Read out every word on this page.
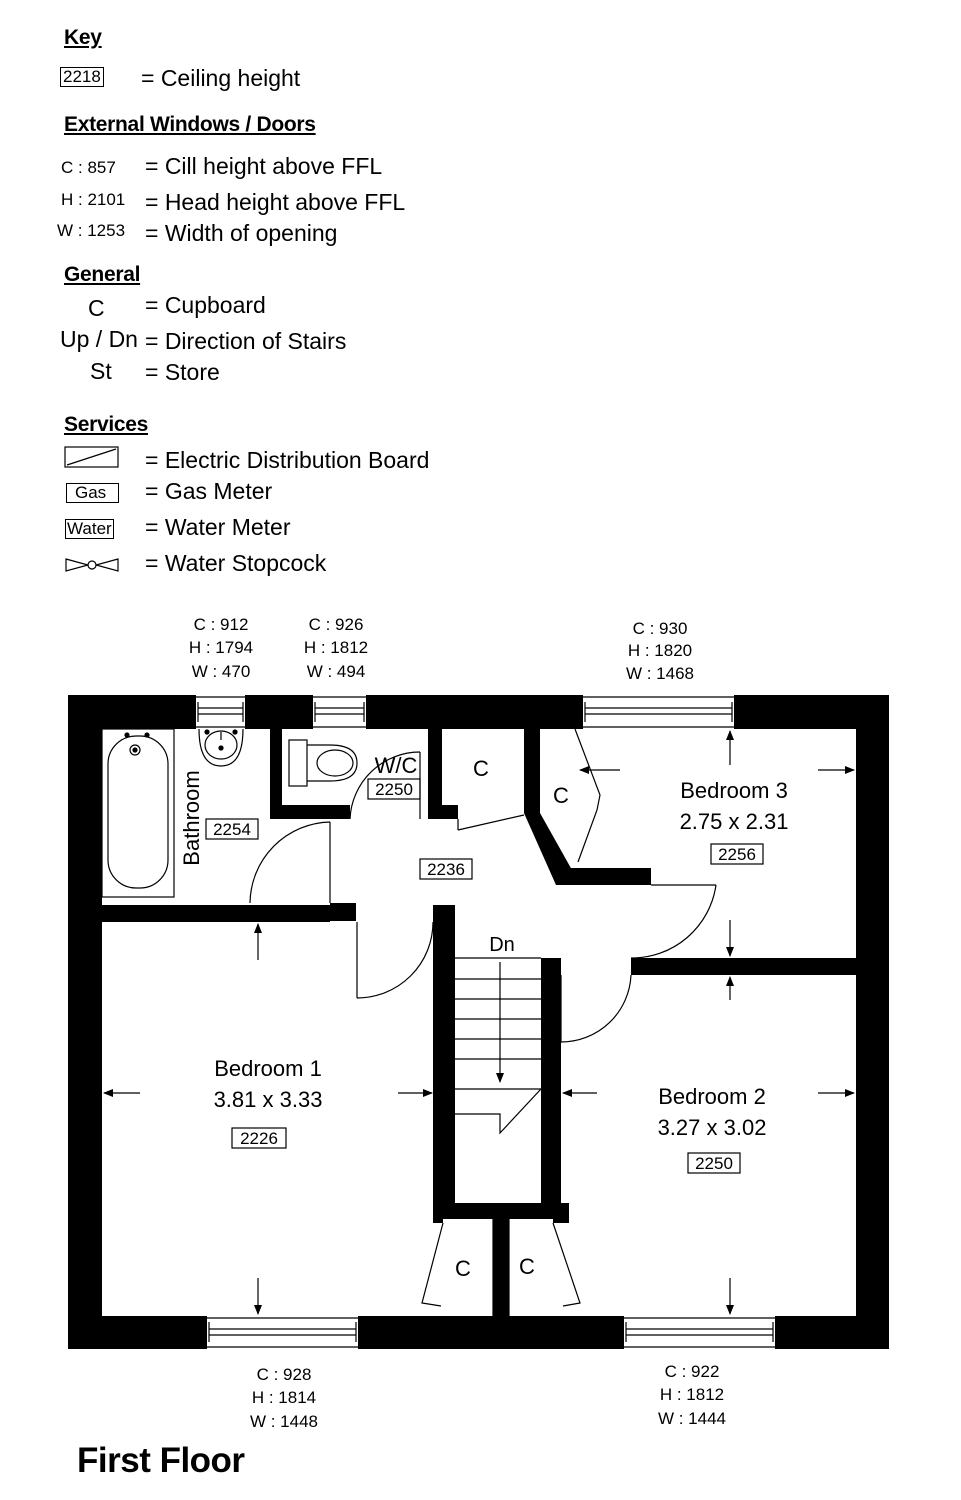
Key
2218 = Ceiling height
External Windows / Doors
C : 857 = Cill height above FFL
H : 2101 = Head height above FFL
W : 1253 = Width of opening
General
C = Cupboard
Up / Dn = Direction of Stairs
St = Store
Services
= Electric Distribution Board
Gas	= Gas Meter
Water = Water Meter
= Water Stopcock
C : 912
H : 1794
W : 470
C : 926
H : 1812
W : 494
C : 930
H : 1820
W : 1468
C : 928
H : 1814
W : 1448
C : 922
H : 1812
W : 1444
Bedroom 1
3.81 x 3.33	Bedroom 2
3.27 x 3.02
Bedroom 3
2.75 x 2.31
W/C
Dn
C
C
C C
Bathroom 2254
2250
2236
2226
2250
2256
First Floor
